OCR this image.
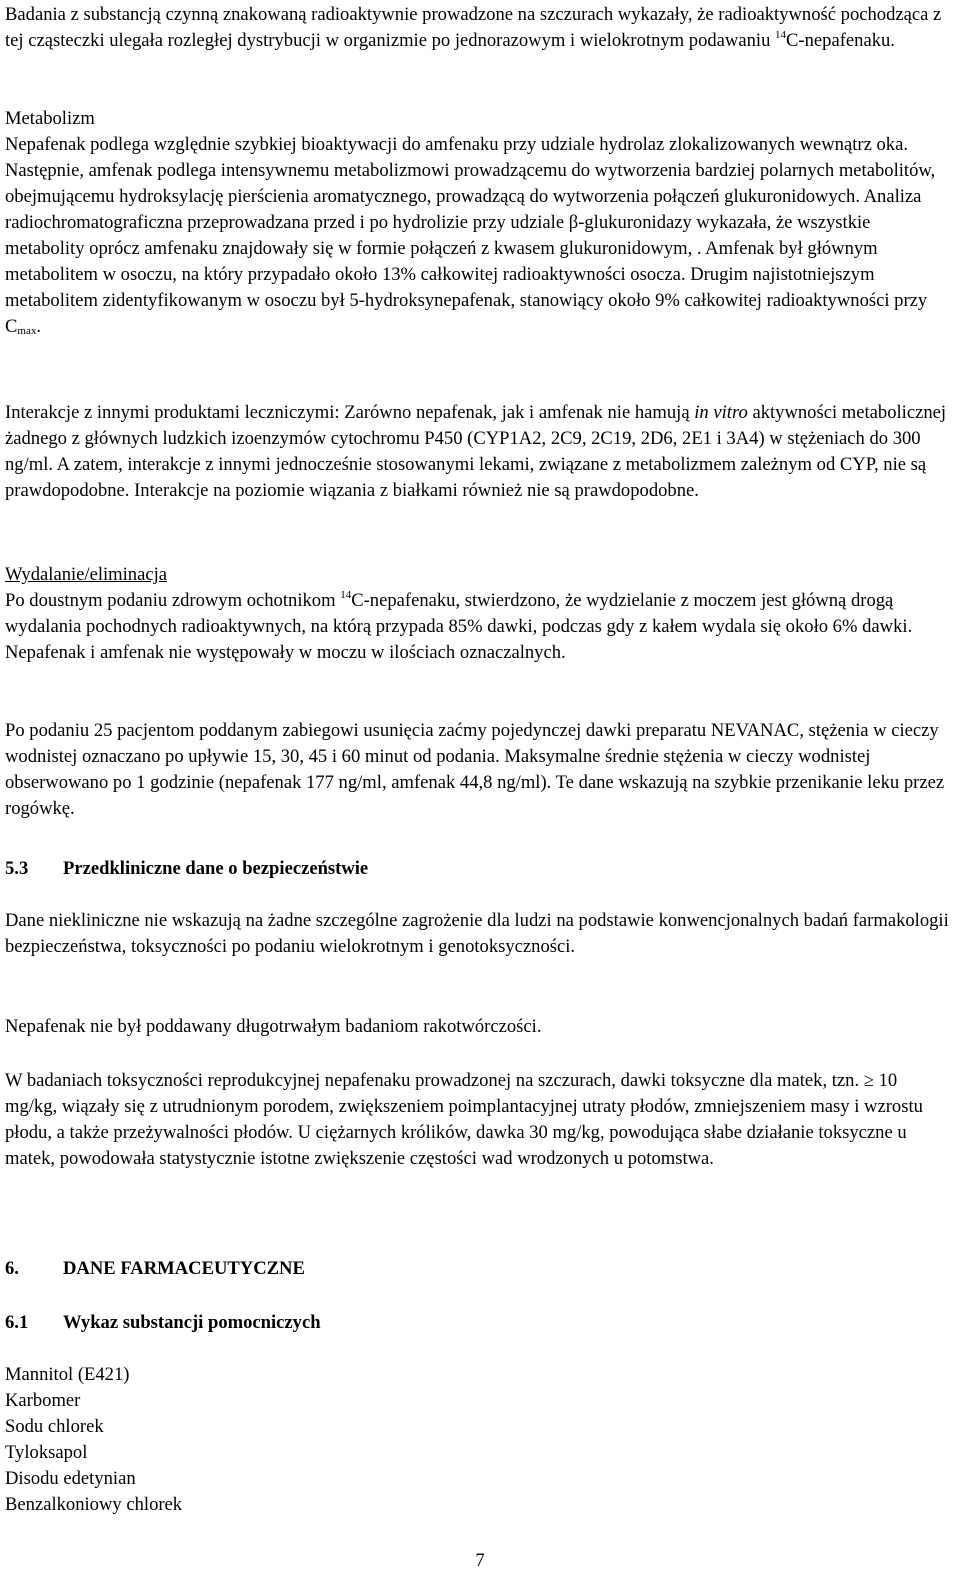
Badania z substancją czynną znakowaną radioaktywnie prowadzone na szczurach wykazały, że radioaktywność pochodząca z tej cząsteczki ulegała rozległej dystrybucji w organizmie po jednorazowym i wielokrotnym podawaniu $^{14}$C-nepafenaku.

Metabolizm

Nepafenak podlega względnie szybkiej bioaktywacji do amfenaku przy udziale hydrolaz zlokalizowanych wewnątrz oka. Następnie, amfenak podlega intensywnemu metabolizmowi prowadzącemu do wytworzenia bardziej polarnych metabolitów, obejmującemu hydroksylację pierścienia aromatycznego, prowadzącą do wytworzenia połączeń glukuronidowych. Analiza radiochromatograficzna przeprowadzana przed i po hydrolizie przy udziale β-glukuronidazy wykazała, że wszystkie metabolity oprócz amfenaku znajdowały się w formie połączeń z kwasem glukuronidowym, . Amfenak był głównym metabolitem w osoczu, na który przypadało około 13% całkowitej radioaktywności osocza. Drugim najistotniejszym metabolitem zidentyfikowanym w osoczu był 5-hydroksynepafenak, stanowiący około 9% całkowitej radioaktywności przy $C_{max}$.

Interakcje z innymi produktami leczniczymi: Zarówno nepafenak, jak i amfenak nie hamują in vitro aktywności metabolicznej żadnego z głównych ludzkich izoenzymów cytochromu P450 (CYP1A2, 2C9, 2C19, 2D6, 2E1 i 3A4) w stężeniach do 300 ng/ml. A zatem, interakcje z innymi jednocześnie stosowanymi lekami, związane z metabolizmem zależnym od CYP, nie są prawdopodobne. Interakcje na poziomie wiązania z białkami również nie są prawdopodobne.

Wydalanie/eliminacja

Po doustnym podaniu zdrowym ochotnikom $^{14}$C-nepafenaku, stwierdzono, że wydzielanie z moczem jest główną drogą wydalania pochodnych radioaktywnych, na którą przypada 85% dawki, podczas gdy z kałem wydala się około 6% dawki. Nepafenak i amfenak nie występowały w moczu w ilościach oznaczalnych.

Po podaniu 25 pacjentom poddanym zabiegowi usunięcia zaćmy pojedynczej dawki preparatu NEVANAC, stężenia w cieczy wodnistej oznaczano po upływie 15, 30, 45 i 60 minut od podania. Maksymalne średnie stężenia w cieczy wodnistej obserwowano po 1 godzinie (nepafenak 177 ng/ml, amfenak 44,8 ng/ml). Te dane wskazują na szybkie przenikanie leku przez rogówkę.

5.3 Przedkliniczne dane o bezpieczeństwie

Dane niekliniczne nie wskazują na żadne szczególne zagrożenie dla ludzi na podstawie konwencjonalnych badań farmakologii bezpieczeństwa, toksyczności po podaniu wielokrotnym i genotoksyczności.

Nepafenak nie był poddawany długotrwałym badaniom rakotwórczości.

W badaniach toksyczności reprodukcyjnej nepafenaku prowadzonej na szczurach, dawki toksyczne dla matek, tzn. ≥ 10 mg/kg, wiązały się z utrudnionym porodem, zwiększeniem poimplantacyjnej utraty płodów, zmniejszeniem masy i wzrostu płodu, a także przeżywalności płodów. U ciężarnych królików, dawka 30 mg/kg, powodująca słabe działanie toksyczne u matek, powodowała statystycznie istotne zwiększenie częstości wad wrodzonych u potomstwa.

6. DANE FARMACEUTYCZNE

6.1 Wykaz substancji pomocniczych

Mannitol (E421)
Karbomer
Sodu chlorek
Tyloksapol
Disodu edetynian
Benzalkoniowy chlorek
7
